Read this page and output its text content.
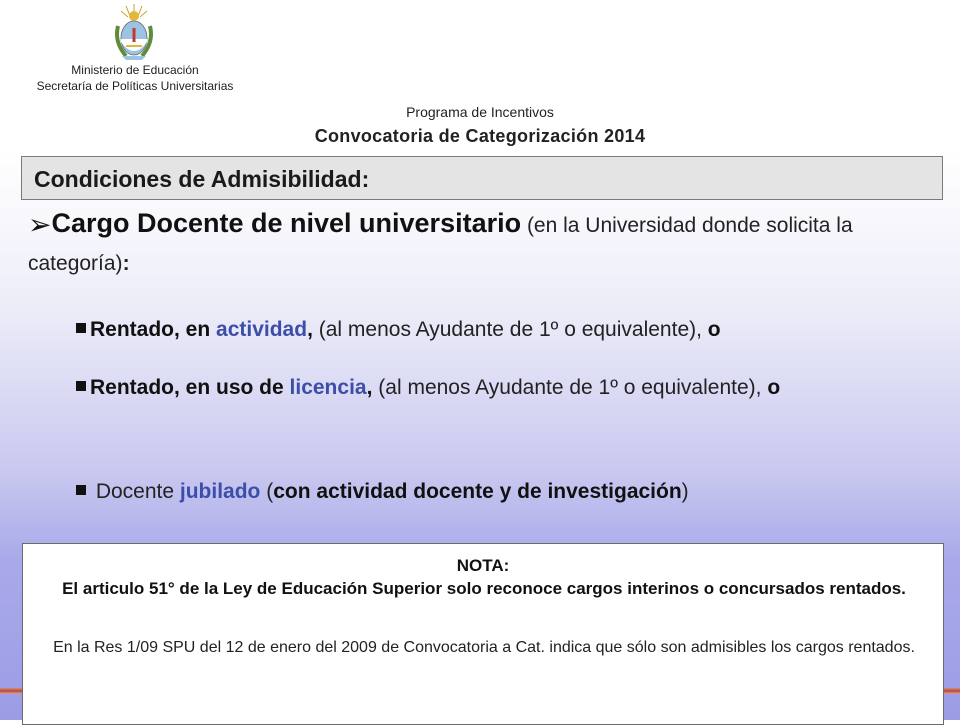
Ministerio de Educación
Secretaría de Políticas Universitarias
Programa de Incentivos
Convocatoria de Categorización 2014
Condiciones de Admisibilidad:
➢Cargo Docente de nivel universitario (en la Universidad donde solicita la categoría):
Rentado, en actividad, (al menos Ayudante de 1º o equivalente), o
Rentado, en uso de licencia, (al menos Ayudante de 1º o equivalente), o
Docente jubilado (con actividad docente y de investigación)
NOTA:
El articulo 51° de la Ley de Educación Superior solo reconoce cargos interinos o concursados rentados.
En la Res 1/09 SPU del 12 de enero del 2009 de Convocatoria a Cat. indica que sólo son admisibles los cargos rentados.
